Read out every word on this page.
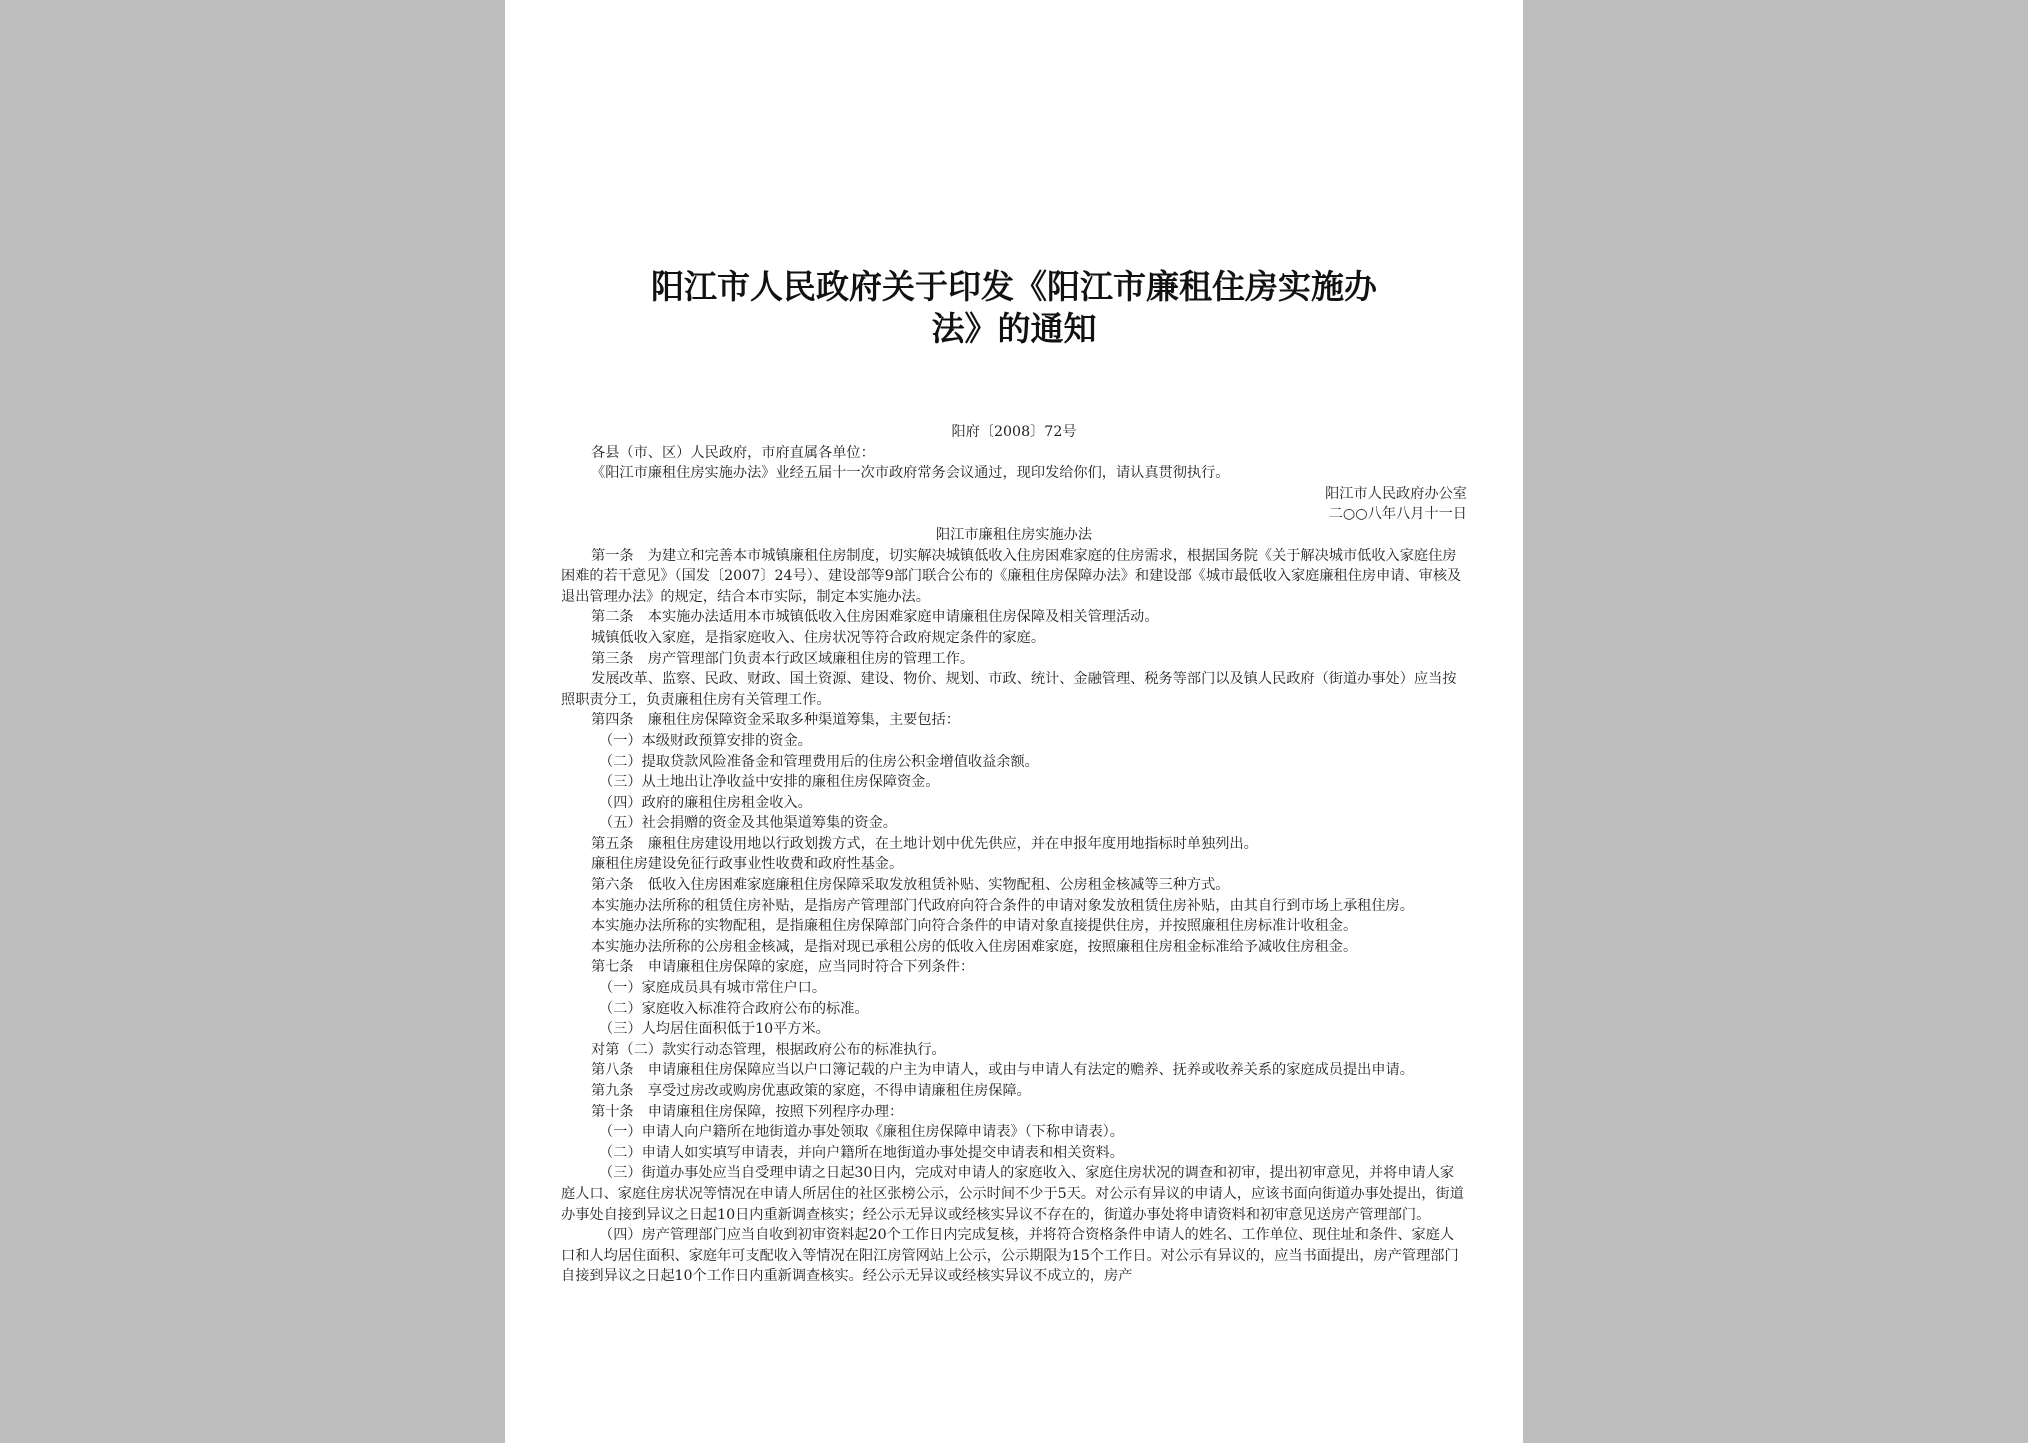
阳江市人民政府关于印发《阳江市廉租住房实施办
法》的通知

阳府〔2008〕72号

各县（市、区）人民政府，市府直属各单位：

《阳江市廉租住房实施办法》业经五届十一次市政府常务会议通过，现印发给你们，请认真贯彻执行。

阳江市人民政府办公室

二○○八年八月十一日

阳江市廉租住房实施办法

第一条　为建立和完善本市城镇廉租住房制度，切实解决城镇低收入住房困难家庭的住房需求，根据国务院《关于解决城市低收入家庭住房困难的若干意见》（国发〔2007〕24号）、建设部等9部门联合公布的《廉租住房保障办法》和建设部《城市最低收入家庭廉租住房申请、审核及退出管理办法》的规定，结合本市实际，制定本实施办法。

第二条　本实施办法适用本市城镇低收入住房困难家庭申请廉租住房保障及相关管理活动。

城镇低收入家庭，是指家庭收入、住房状况等符合政府规定条件的家庭。

第三条　房产管理部门负责本行政区域廉租住房的管理工作。

发展改革、监察、民政、财政、国土资源、建设、物价、规划、市政、统计、金融管理、税务等部门以及镇人民政府（街道办事处）应当按照职责分工，负责廉租住房有关管理工作。

第四条　廉租住房保障资金采取多种渠道筹集，主要包括：

（一）本级财政预算安排的资金。

（二）提取贷款风险准备金和管理费用后的住房公积金增值收益余额。

（三）从土地出让净收益中安排的廉租住房保障资金。

（四）政府的廉租住房租金收入。

（五）社会捐赠的资金及其他渠道筹集的资金。

第五条　廉租住房建设用地以行政划拨方式，在土地计划中优先供应，并在申报年度用地指标时单独列出。

廉租住房建设免征行政事业性收费和政府性基金。

第六条　低收入住房困难家庭廉租住房保障采取发放租赁补贴、实物配租、公房租金核减等三种方式。

本实施办法所称的租赁住房补贴，是指房产管理部门代政府向符合条件的申请对象发放租赁住房补贴，由其自行到市场上承租住房。

本实施办法所称的实物配租，是指廉租住房保障部门向符合条件的申请对象直接提供住房，并按照廉租住房标准计收租金。

本实施办法所称的公房租金核减，是指对现已承租公房的低收入住房困难家庭，按照廉租住房租金标准给予减收住房租金。

第七条　申请廉租住房保障的家庭，应当同时符合下列条件：

（一）家庭成员具有城市常住户口。

（二）家庭收入标准符合政府公布的标准。

（三）人均居住面积低于10平方米。

对第（二）款实行动态管理，根据政府公布的标准执行。

第八条　申请廉租住房保障应当以户口簿记载的户主为申请人，或由与申请人有法定的赡养、抚养或收养关系的家庭成员提出申请。

第九条　享受过房改或购房优惠政策的家庭，不得申请廉租住房保障。

第十条　申请廉租住房保障，按照下列程序办理：

（一）申请人向户籍所在地街道办事处领取《廉租住房保障申请表》（下称申请表）。

（二）申请人如实填写申请表，并向户籍所在地街道办事处提交申请表和相关资料。

（三）街道办事处应当自受理申请之日起30日内，完成对申请人的家庭收入、家庭住房状况的调查和初审，提出初审意见，并将申请人家庭人口、家庭住房状况等情况在申请人所居住的社区张榜公示，公示时间不少于5天。对公示有异议的申请人，应该书面向街道办事处提出，街道办事处自接到异议之日起10日内重新调查核实；经公示无异议或经核实异议不存在的，街道办事处将申请资料和初审意见送房产管理部门。

（四）房产管理部门应当自收到初审资料起20个工作日内完成复核，并将符合资格条件申请人的姓名、工作单位、现住址和条件、家庭人口和人均居住面积、家庭年可支配收入等情况在阳江房管网站上公示，公示期限为15个工作日。对公示有异议的，应当书面提出，房产管理部门自接到异议之日起10个工作日内重新调查核实。经公示无异议或经核实异议不成立的，房产
